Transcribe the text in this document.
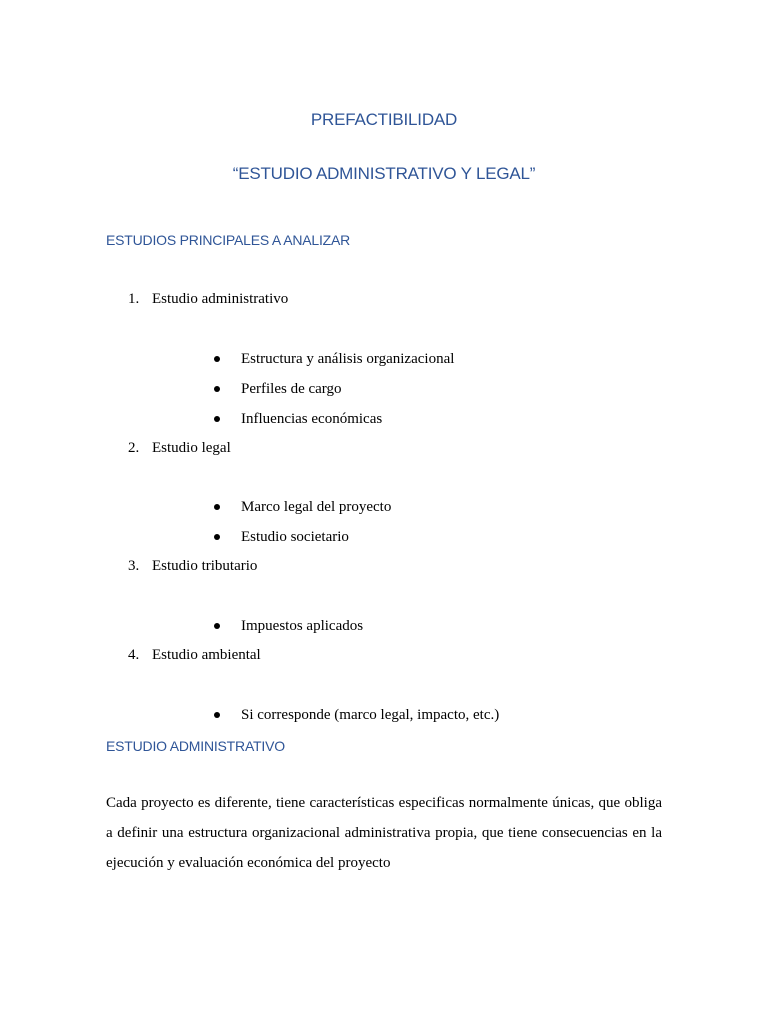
PREFACTIBILIDAD
“ESTUDIO ADMINISTRATIVO Y LEGAL”
ESTUDIOS PRINCIPALES A ANALIZAR
1. Estudio administrativo
Estructura y análisis organizacional
Perfiles de cargo
Influencias económicas
2. Estudio legal
Marco legal del proyecto
Estudio societario
3. Estudio tributario
Impuestos aplicados
4. Estudio ambiental
Si corresponde (marco legal, impacto, etc.)
ESTUDIO ADMINISTRATIVO
Cada proyecto es diferente, tiene características especificas normalmente únicas, que obliga a definir una estructura organizacional administrativa propia, que tiene consecuencias en la ejecución y evaluación económica del proyecto
